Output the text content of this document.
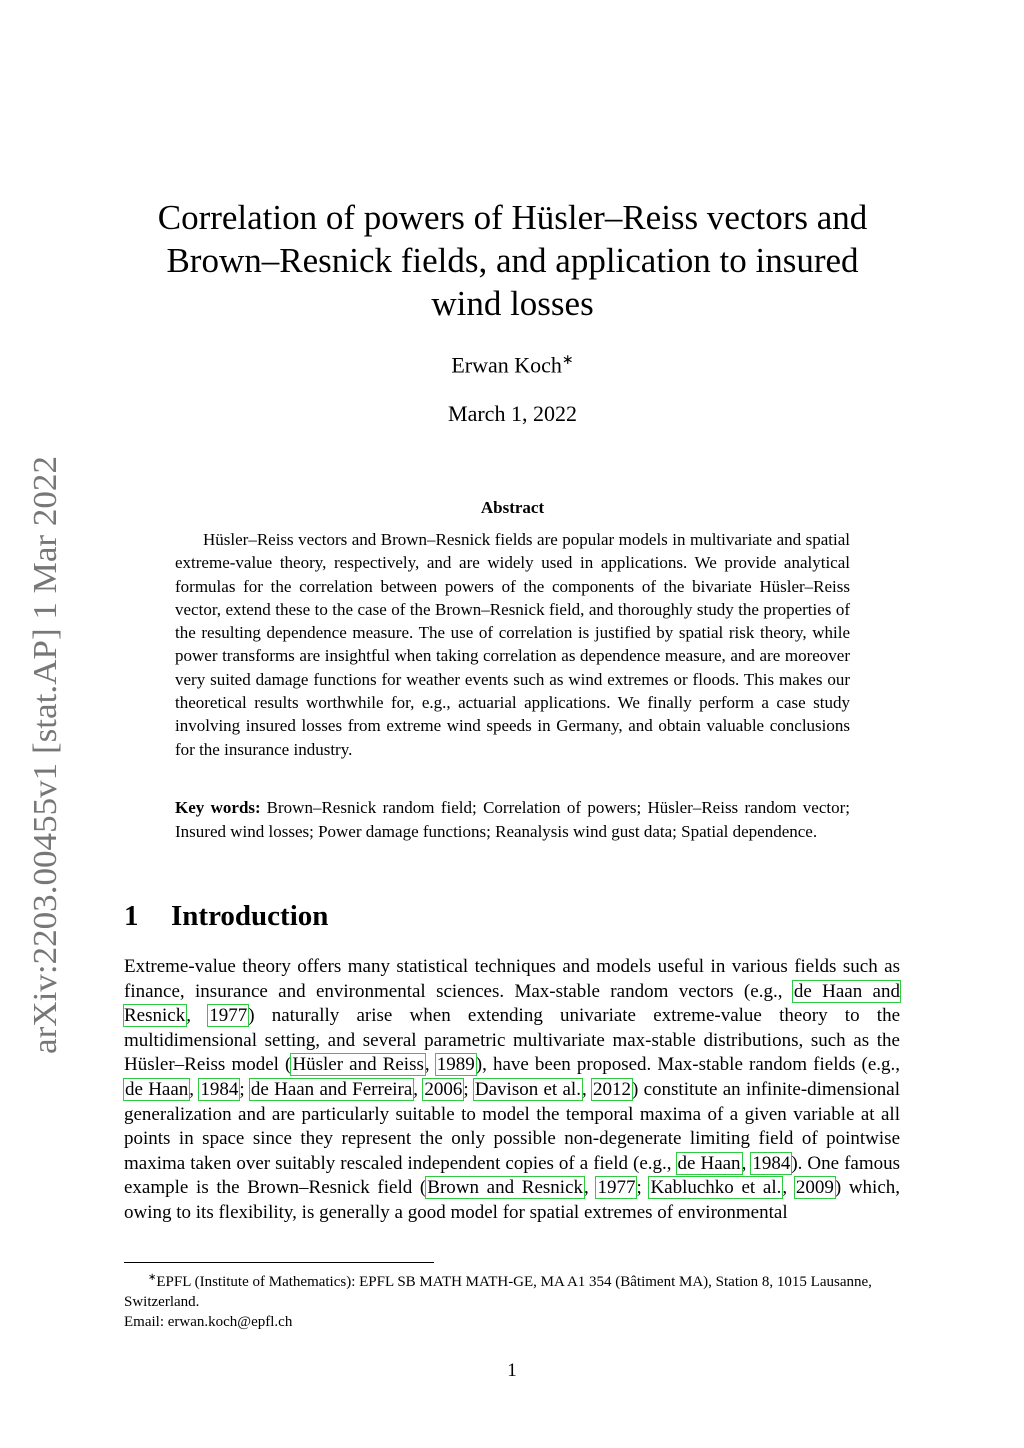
arXiv:2203.00455v1 [stat.AP] 1 Mar 2022
Correlation of powers of Hüsler–Reiss vectors and Brown–Resnick fields, and application to insured wind losses
Erwan Koch∗
March 1, 2022
Abstract
Hüsler–Reiss vectors and Brown–Resnick fields are popular models in multivariate and spatial extreme-value theory, respectively, and are widely used in applications. We provide analytical formulas for the correlation between powers of the components of the bivariate Hüsler–Reiss vector, extend these to the case of the Brown–Resnick field, and thoroughly study the properties of the resulting dependence measure. The use of correlation is justified by spatial risk theory, while power transforms are insightful when taking correlation as dependence measure, and are moreover very suited damage functions for weather events such as wind extremes or floods. This makes our theoretical results worthwhile for, e.g., actuarial applications. We finally perform a case study involving insured losses from extreme wind speeds in Germany, and obtain valuable conclusions for the insurance industry.
Key words: Brown–Resnick random field; Correlation of powers; Hüsler–Reiss random vector; Insured wind losses; Power damage functions; Reanalysis wind gust data; Spatial dependence.
1 Introduction
Extreme-value theory offers many statistical techniques and models useful in various fields such as finance, insurance and environmental sciences. Max-stable random vectors (e.g., de Haan and Resnick, 1977) naturally arise when extending univariate extreme-value theory to the multidimensional setting, and several parametric multivariate max-stable distributions, such as the Hüsler–Reiss model (Hüsler and Reiss, 1989), have been proposed. Max-stable random fields (e.g., de Haan, 1984; de Haan and Ferreira, 2006; Davison et al., 2012) constitute an infinite-dimensional generalization and are particularly suitable to model the temporal maxima of a given variable at all points in space since they represent the only possible non-degenerate limiting field of pointwise maxima taken over suitably rescaled independent copies of a field (e.g., de Haan, 1984). One famous example is the Brown–Resnick field (Brown and Resnick, 1977; Kabluchko et al., 2009) which, owing to its flexibility, is generally a good model for spatial extremes of environmental
∗EPFL (Institute of Mathematics): EPFL SB MATH MATH-GE, MA A1 354 (Bâtiment MA), Station 8, 1015 Lausanne, Switzerland.
Email: erwan.koch@epfl.ch
1
